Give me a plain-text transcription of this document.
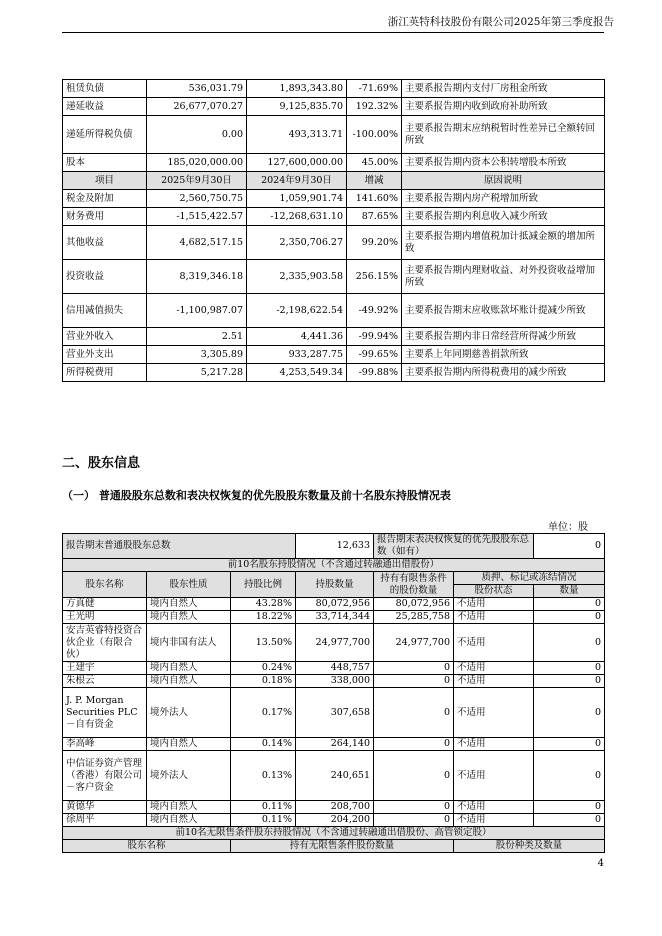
浙江英特科技股份有限公司2025年第三季度报告
租赁负债	536,031.79	1,893,343.80	-71.69%	主要系报告期内支付厂房租金所致
递延收益	26,677,070.27	9,125,835.70	192.32%	主要系报告期内收到政府补助所致
递延所得税负债	0.00	493,313.71	-100.00%	主要系报告期末应纳税暂时性差异已全额转回所致
股本	185,020,000.00	127,600,000.00	45.00%	主要系报告期内资本公积转增股本所致
项目	2025年9月30日	2024年9月30日	增减	原因说明
税金及附加	2,560,750.75	1,059,901.74	141.60%	主要系报告期内房产税增加所致
财务费用	-1,515,422.57	-12,268,631.10	87.65%	主要系报告期内利息收入减少所致
其他收益	4,682,517.15	2,350,706.27	99.20%	主要系报告期内增值税加计抵减金额的增加所致
投资收益	8,319,346.18	2,335,903.58	256.15%	主要系报告期内理财收益、对外投资收益增加所致
信用减值损失	-1,100,987.07	-2,198,622.54	-49.92%	主要系报告期末应收账款坏账计提减少所致
营业外收入	2.51	4,441.36	-99.94%	主要系报告期内非日常经营所得减少所致
营业外支出	3,305.89	933,287.75	-99.65%	主要系上年同期慈善捐款所致
所得税费用	5,217.28	4,253,549.34	-99.88%	主要系报告期内所得税费用的减少所致
二、股东信息
（一） 普通股股东总数和表决权恢复的优先股股东数量及前十名股东持股情况表
单位：股
报告期末普通股股东总数			12,633	报告期末表决权恢复的优先股股东总数（如有）		0
前10名股东持股情况（不含通过转融通出借股份）						
股东名称	股东性质	持股比例	持股数量	持有有限售条件的股份数量	质押、标记或冻结情况	
					股份状态	数量
方真健	境内自然人	43.28%	80,072,956	80,072,956	不适用	0
王光明	境内自然人	18.22%	33,714,344	25,285,758	不适用	0
安吉英睿特投资合伙企业（有限合伙）	境内非国有法人	13.50%	24,977,700	24,977,700	不适用	0
王建宇	境内自然人	0.24%	448,757	0	不适用	0
朱根云	境内自然人	0.18%	338,000	0	不适用	0
J. P. Morgan Securities PLC－自有资金	境外法人	0.17%	307,658	0	不适用	0
李高峰	境内自然人	0.14%	264,140	0	不适用	0
中信证券资产管理（香港）有限公司－客户资金	境外法人	0.13%	240,651	0	不适用	0
黄德华	境内自然人	0.11%	208,700	0	不适用	0
徐周平	境内自然人	0.11%	204,200	0	不适用	0
前10名无限售条件股东持股情况（不含通过转融通出借股份、高管锁定股）						
股东名称		持有无限售条件股份数量			股份种类及数量	
4
